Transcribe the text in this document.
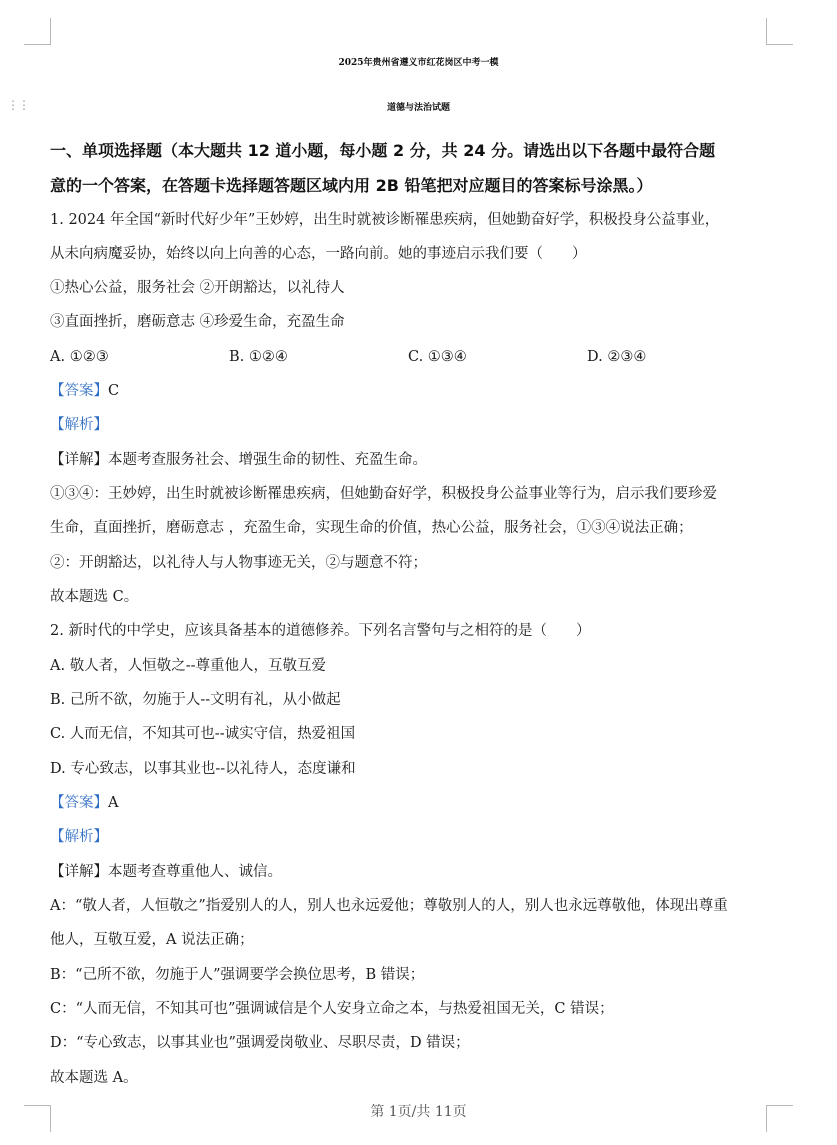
⋮⋮
2025年贵州省遵义市红花岗区中考一模
道德与法治试题
一、单项选择题（本大题共 12 道小题，每小题 2 分，共 24 分。请选出以下各题中最符合题
意的一个答案，在答题卡选择题答题区域内用 2B 铅笔把对应题目的答案标号涂黑。）
1. 2024 年全国“新时代好少年”王妙婷，出生时就被诊断罹患疾病，但她勤奋好学，积极投身公益事业，
从未向病魔妥协，始终以向上向善的心态，一路向前。她的事迹启示我们要（　　）
①热心公益，服务社会 ②开朗豁达，以礼待人
③直面挫折，磨砺意志 ④珍爱生命，充盈生命
A. ①②③	B. ①②④	C. ①③④	D. ②③④
【答案】C
【解析】
【详解】本题考查服务社会、增强生命的韧性、充盈生命。
①③④：王妙婷，出生时就被诊断罹患疾病，但她勤奋好学，积极投身公益事业等行为，启示我们要珍爱
生命，直面挫折，磨砺意志 ，充盈生命，实现生命的价值，热心公益，服务社会，①③④说法正确；
②：开朗豁达，以礼待人与人物事迹无关，②与题意不符；
故本题选 C。
2. 新时代的中学史，应该具备基本的道德修养。下列名言警句与之相符的是（　　）
A. 敬人者，人恒敬之--尊重他人，互敬互爱
B. 己所不欲，勿施于人--文明有礼，从小做起
C. 人而无信，不知其可也--诚实守信，热爱祖国
D. 专心致志，以事其业也--以礼待人，态度谦和
【答案】A
【解析】
【详解】本题考查尊重他人、诚信。
A：“敬人者，人恒敬之”指爱别人的人，别人也永远爱他；尊敬别人的人，别人也永远尊敬他，体现出尊重
他人，互敬互爱，A 说法正确；
B：“己所不欲，勿施于人”强调要学会换位思考，B 错误；
C：“人而无信，不知其可也”强调诚信是个人安身立命之本，与热爱祖国无关，C 错误；
D：“专心致志，以事其业也”强调爱岗敬业、尽职尽责，D 错误；
故本题选 A。
第 1页/共 11页
